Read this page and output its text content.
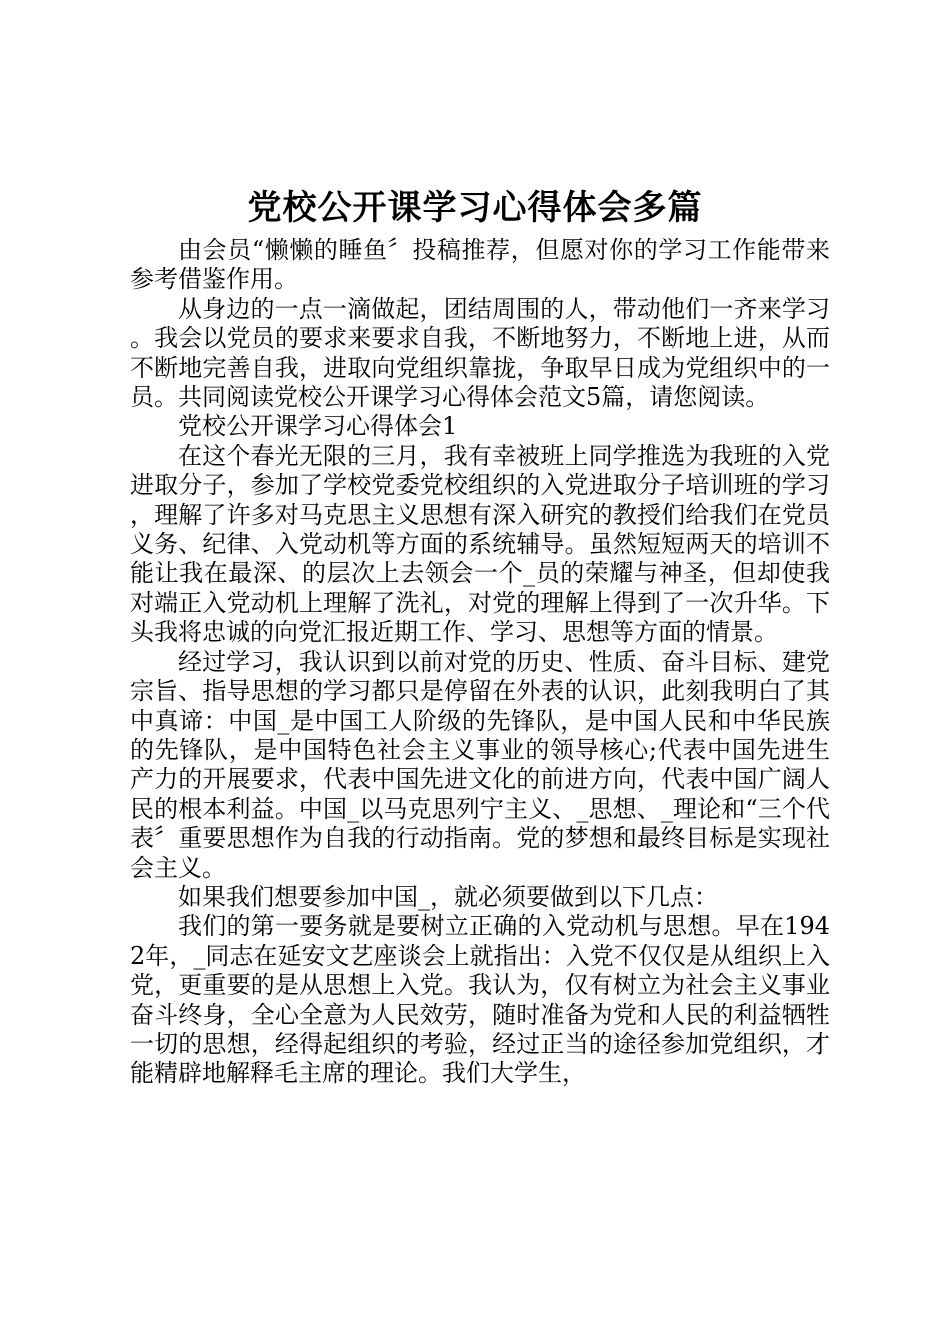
党校公开课学习心得体会多篇

由会员“懒懒的睡鱼〞投稿推荐，但愿对你的学习工作能带来参考借鉴作用。

从身边的一点一滴做起，团结周围的人，带动他们一齐来学习。我会以党员的要求来要求自我，不断地努力，不断地上进，从而不断地完善自我，进取向党组织靠拢，争取早日成为党组织中的一员。共同阅读党校公开课学习心得体会范文5篇，请您阅读。

党校公开课学习心得体会1

在这个春光无限的三月，我有幸被班上同学推选为我班的入党进取分子，参加了学校党委党校组织的入党进取分子培训班的学习，理解了许多对马克思主义思想有深入研究的教授们给我们在党员义务、纪律、入党动机等方面的系统辅导。虽然短短两天的培训不能让我在最深、的层次上去领会一个_员的荣耀与神圣，但却使我对端正入党动机上理解了洗礼，对党的理解上得到了一次升华。下头我将忠诚的向党汇报近期工作、学习、思想等方面的情景。

经过学习，我认识到以前对党的历史、性质、奋斗目标、建党宗旨、指导思想的学习都只是停留在外表的认识，此刻我明白了其中真谛：中国_是中国工人阶级的先锋队，是中国人民和中华民族的先锋队，是中国特色社会主义事业的领导核心;代表中国先进生产力的开展要求，代表中国先进文化的前进方向，代表中国广阔人民的根本利益。中国_以马克思列宁主义、_思想、_理论和“三个代表〞重要思想作为自我的行动指南。党的梦想和最终目标是实现社会主义。

如果我们想要参加中国_，就必须要做到以下几点：

我们的第一要务就是要树立正确的入党动机与思想。早在1942年，_同志在延安文艺座谈会上就指出：入党不仅仅是从组织上入党，更重要的是从思想上入党。我认为，仅有树立为社会主义事业奋斗终身，全心全意为人民效劳，随时准备为党和人民的利益牺牲一切的思想，经得起组织的考验，经过正当的途径参加党组织，才能精辟地解释毛主席的理论。我们大学生，
